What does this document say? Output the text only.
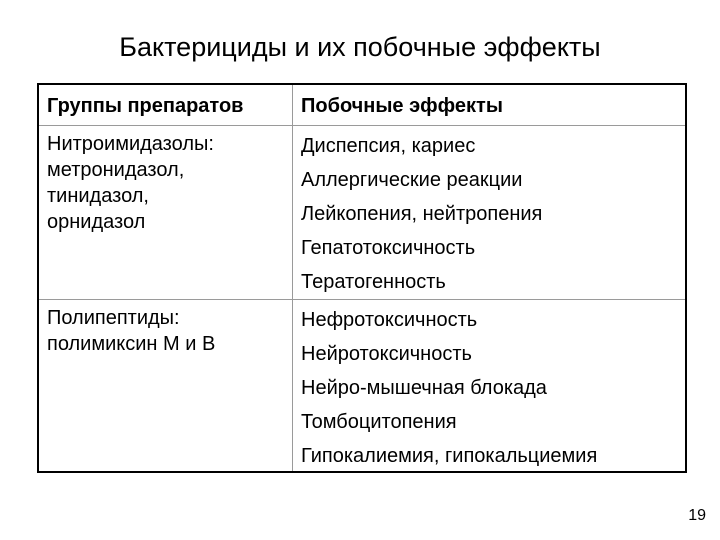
Бактерициды и их побочные эффекты
Группы препаратов	Побочные эффекты
Нитроимидазолы:
метронидазол,
тинидазол,
орнидазол
Диспепсия, кариес
Аллергические реакции
Лейкопения, нейтропения
Гепатотоксичность
Тератогенность
Полипептиды:
полимиксин М и В
Нефротоксичность
Нейротоксичность
Нейро-мышечная блокада
Томбоцитопения
Гипокалиемия, гипокальциемия
19
